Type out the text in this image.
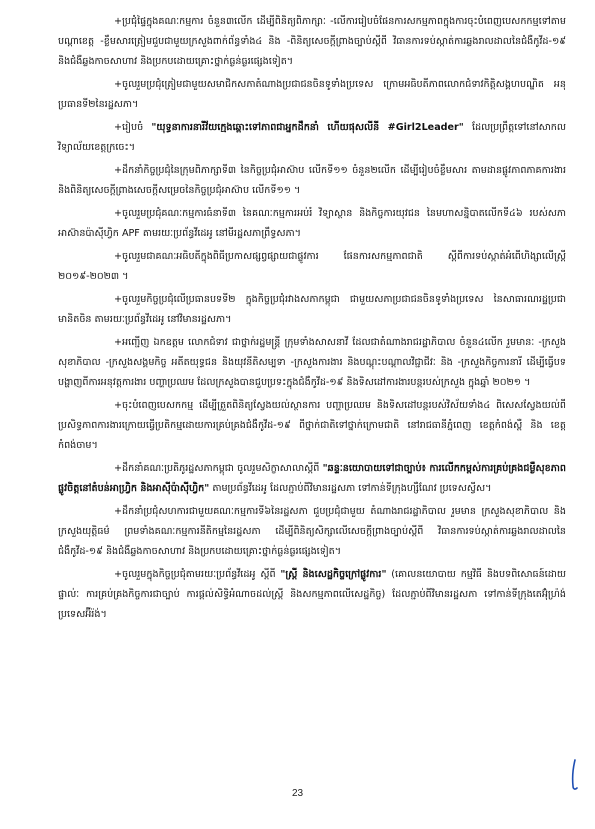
+ប្រជុំផ្ទៃក្នុងគណៈកម្មការ ចំនួន៣លើក ដើម្បីពិនិត្យពិភាក្សាៈ -លើការរៀបចំផែនការសកម្មភាពក្នុងការចុះបំពេញបេសកកម្មទៅតាមបណ្ដាខេត្ត -ខ្លឹមសារត្រៀមជួបជាមួយក្រសួងពាក់ព័ន្ធទាំង៤ និង -ពិនិត្យសេចក្ដីព្រាងច្បាប់ស្ដីពី វិធានការទប់ស្កាត់ការឆ្លងរាលដាលនៃជំងឺកូវីដ-១៩ និងជំងឺឆ្លងកាចសាហាវ និងប្រកបដោយគ្រោះថ្នាក់ធ្ងន់ធ្ងរផ្សេងទៀត។

+ចូលរួមប្រជុំត្រៀមជាមួយសមាជិកសភាតំណាងប្រជាជនចិនទូទាំងប្រទេស ក្រោមអធិបតីភាពលោកជំទាវកិត្តិសង្គហបណ្ឌិត អនុប្រធានទី២នៃរដ្ឋសភា។

+រៀបចំ "យុទ្ធនាការនារីវ័យក្មេងឆ្ពោះទៅភាពជាអ្នកដឹកនាំ ហើយផុសលីនី #Girl2Leader" ដែលប្រព្រឹត្តទៅនៅសាកលវិទ្យាល័យខេត្តក្រចេះ។

+ដឹកនាំកិច្ចប្រជុំនៃក្រុមពិភាក្សាទី៣ នៃកិច្ចប្រជុំអាស៊ាប លើកទី១១ ចំនួន២លើក ដើម្បីរៀបចំខ្លឹមសារ តាមដានផ្លូវភាពភាគការងារ និងពិនិត្យសេចក្ដីព្រាងសេចក្ដីសម្រេចនៃកិច្ចប្រជុំអាស៊ាប លើកទី១១ ។

+ចូលរួមប្រជុំគណៈកម្មការធំនាទី៣ នៃគណៈកម្មការអប់រំ វិទ្យាស្ថាន និងកិច្ចការយុវជន នៃមហាសន្និបាតលើកទី៤៦ របស់សភាអាស៊ានប៉ាស៊ីហ្វិក APF តាមរយៈប្រព័ន្ធវីដេអូ នៅមីរដ្ឋសភាព្រឹទ្ធសភា។

+ចូលរួមជាគណៈអធិបតីក្នុងពិធីប្រកាសផ្សព្វផ្សាយជាផ្លូវការ ផែនការសកម្មភាពជាតិ ស្ដីពីការទប់ស្កាត់អំពើហិង្សាលើស្ត្រី ២០១៩-២០២៣ ។

+ចូលរួមកិច្ចប្រជុំលើប្រធានបទទី២ ក្នុងកិច្ចប្រជុំរវាងសភាកម្ពុជា ជាមួយសភាប្រជាជនចិនទូទាំងប្រទេស នៃសាធារណរដ្ឋប្រជាមានិតចិន តាមរយៈប្រព័ន្ធវីដេអូ នៅវិមានរដ្ឋសភា។

+អញ្ជើញ ឯកឧត្តម លោកជំទាវ ជាថ្នាក់រដ្ឋមន្ត្រី ក្រុមទាំងសាសនាវី ដែលជាតំណាងរាជរដ្ឋាភិបាល ចំនួន៤លើក រួមមានៈ -ក្រសួងសុខាភិបាល -ក្រសួងសង្គមកិច្ច អតីតយុទ្ធជន និងយុវនីតិសម្បទា -ក្រសួងការងារ និងបណ្ដុះបណ្ដាលវិជ្ជាជីវៈ និង -ក្រសួងកិច្ចការនារី ដើម្បីធ្វើបទបង្ហាញពីការអនុវត្តការងារ បញ្ហាប្រឈម ដែលក្រសួងបានជួបប្រទះក្នុងជំងឺកូវីដ-១៩ និងទិសដៅការងារបន្តរបស់ក្រសួង ក្នុងឆ្នាំ ២០២១ ។

+ចុះបំពេញបេសកកម្ម ដើម្បីត្រួតពិនិត្យស្វែងយល់ស្ថានការ បញ្ហាប្រឈម និងទិសដៅបន្តរបស់វិស័យទាំង៤ ពិសេសស្វែងយល់ពីប្រសិទ្ធភាពការងារក្រោយធ្វើប្រតិកម្មដោយការគ្រប់គ្រងជំងឺកូវីដ-១៩ ពីថ្នាក់ជាតិទៅថ្នាក់ក្រោមជាតិ នៅរាជធានីភ្នំពេញ ខេត្តកំពង់ស្ពឺ និង ខេត្តកំពង់ចាម។

+ដឹកនាំគណៈប្រតិភូរដ្ឋសភាកម្ពុជា ចូលរួមសិក្ខាសាលាស្ដីពី "ឆន្ទៈនយោបាយទៅជាច្បាប់៖ ការលើកកម្ពស់ការគ្រប់គ្រងជម្ងឺសុខភាពផ្លូវចិត្តនៅតំបន់អាហ្វ្រិក និងអាស៊ីប៉ាស៊ីហ្វិក" តាមប្រព័ន្ធវីដេអូ ដែលភ្ជាប់ពីវិមានរដ្ឋសភា ទៅកាន់ទីក្រុងហ្សឺណែវ ប្រទេសស្វីស។

+ដឹកនាំប្រជុំសហការជាមួយគណៈកម្មការទី៦នៃរដ្ឋសភា ជួបប្រជុំជាមួយ តំណាងរាជរដ្ឋាភិបាល រួមមាន ក្រសួងសុខាភិបាល និង ក្រសួងយុត្តិធម៌ ព្រមទាំងគណៈកម្មការនីតិកម្មនៃរដ្ឋសភា ដើម្បីពិនិត្យសិក្សាលើសេចក្ដីព្រាងច្បាប់ស្ដីពី វិធានការទប់ស្កាត់ការឆ្លងរាលដាលនៃជំងឺកូវីដ-១៩ និងជំងឺឆ្លងកាចសាហាវ និងប្រកបដោយគ្រោះថ្នាក់ធ្ងន់ធ្ងរផ្សេងទៀត។

+ចូលរួមក្នុងកិច្ចប្រជុំតាមរយៈប្រព័ន្ធវីដេអូ ស្ដីពី "ស្ត្រី និងសេដ្ឋកិច្ចក្រៅផ្លូវការ" (គោលនយោបាយ កម្មវិធី និងបទពិសោធន៍ដោយផ្ទាល់ៈ ការគ្រប់គ្រងកិច្ចការជាច្បាប់ ការផ្ដល់សិទ្ធិអំណាចដល់ស្ត្រី និងសកម្មភាពលើសេដ្ឋកិច្ច) ដែលភ្ជាប់ពីវិមានរដ្ឋសភា ទៅកាន់ទីក្រុងតេអ៊ុំហ្រ៉ង់ ប្រទេសអ៊ីរ៉ង់។

23
